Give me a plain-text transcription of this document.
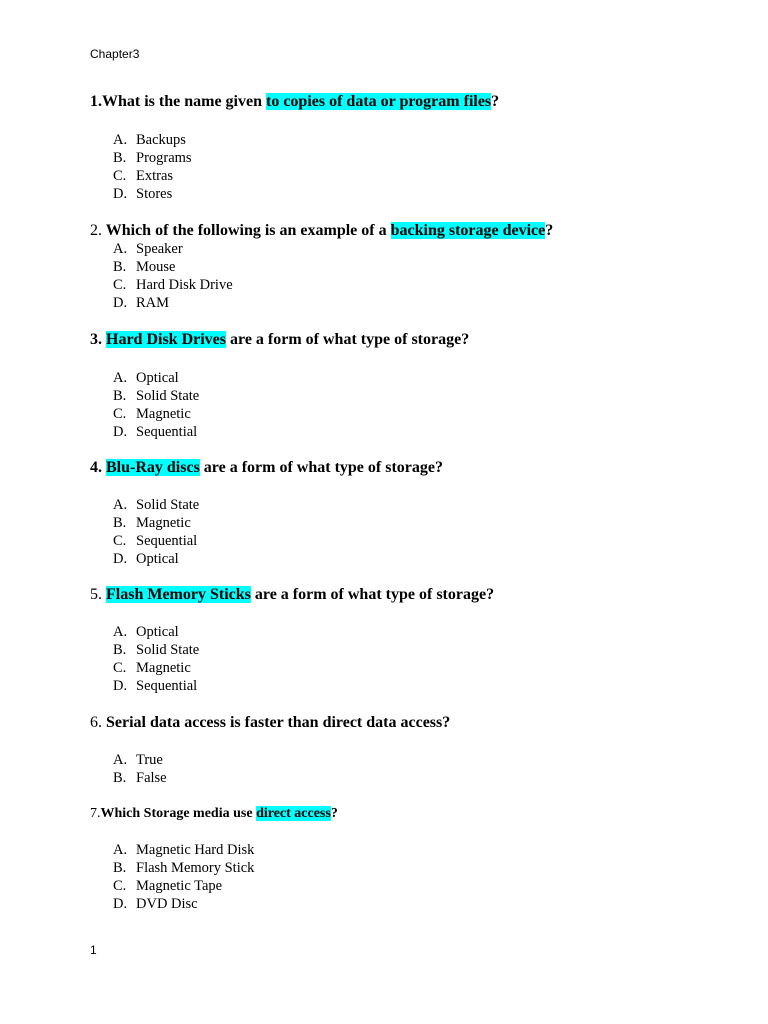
Chapter3

1.What is the name given to copies of data or program files?

A. Backups
B. Programs
C. Extras
D. Stores

2. Which of the following is an example of a backing storage device?

A. Speaker
B. Mouse
C. Hard Disk Drive
D. RAM

3. Hard Disk Drives are a form of what type of storage?

A. Optical
B. Solid State
C. Magnetic
D. Sequential

4. Blu-Ray discs are a form of what type of storage?

A. Solid State
B. Magnetic
C. Sequential
D. Optical

5. Flash Memory Sticks are a form of what type of storage?

A. Optical
B. Solid State
C. Magnetic
D. Sequential

6. Serial data access is faster than direct data access?

A. True
B. False

7.Which Storage media use direct access?

A. Magnetic Hard Disk
B. Flash Memory Stick
C. Magnetic Tape
D. DVD Disc
1
